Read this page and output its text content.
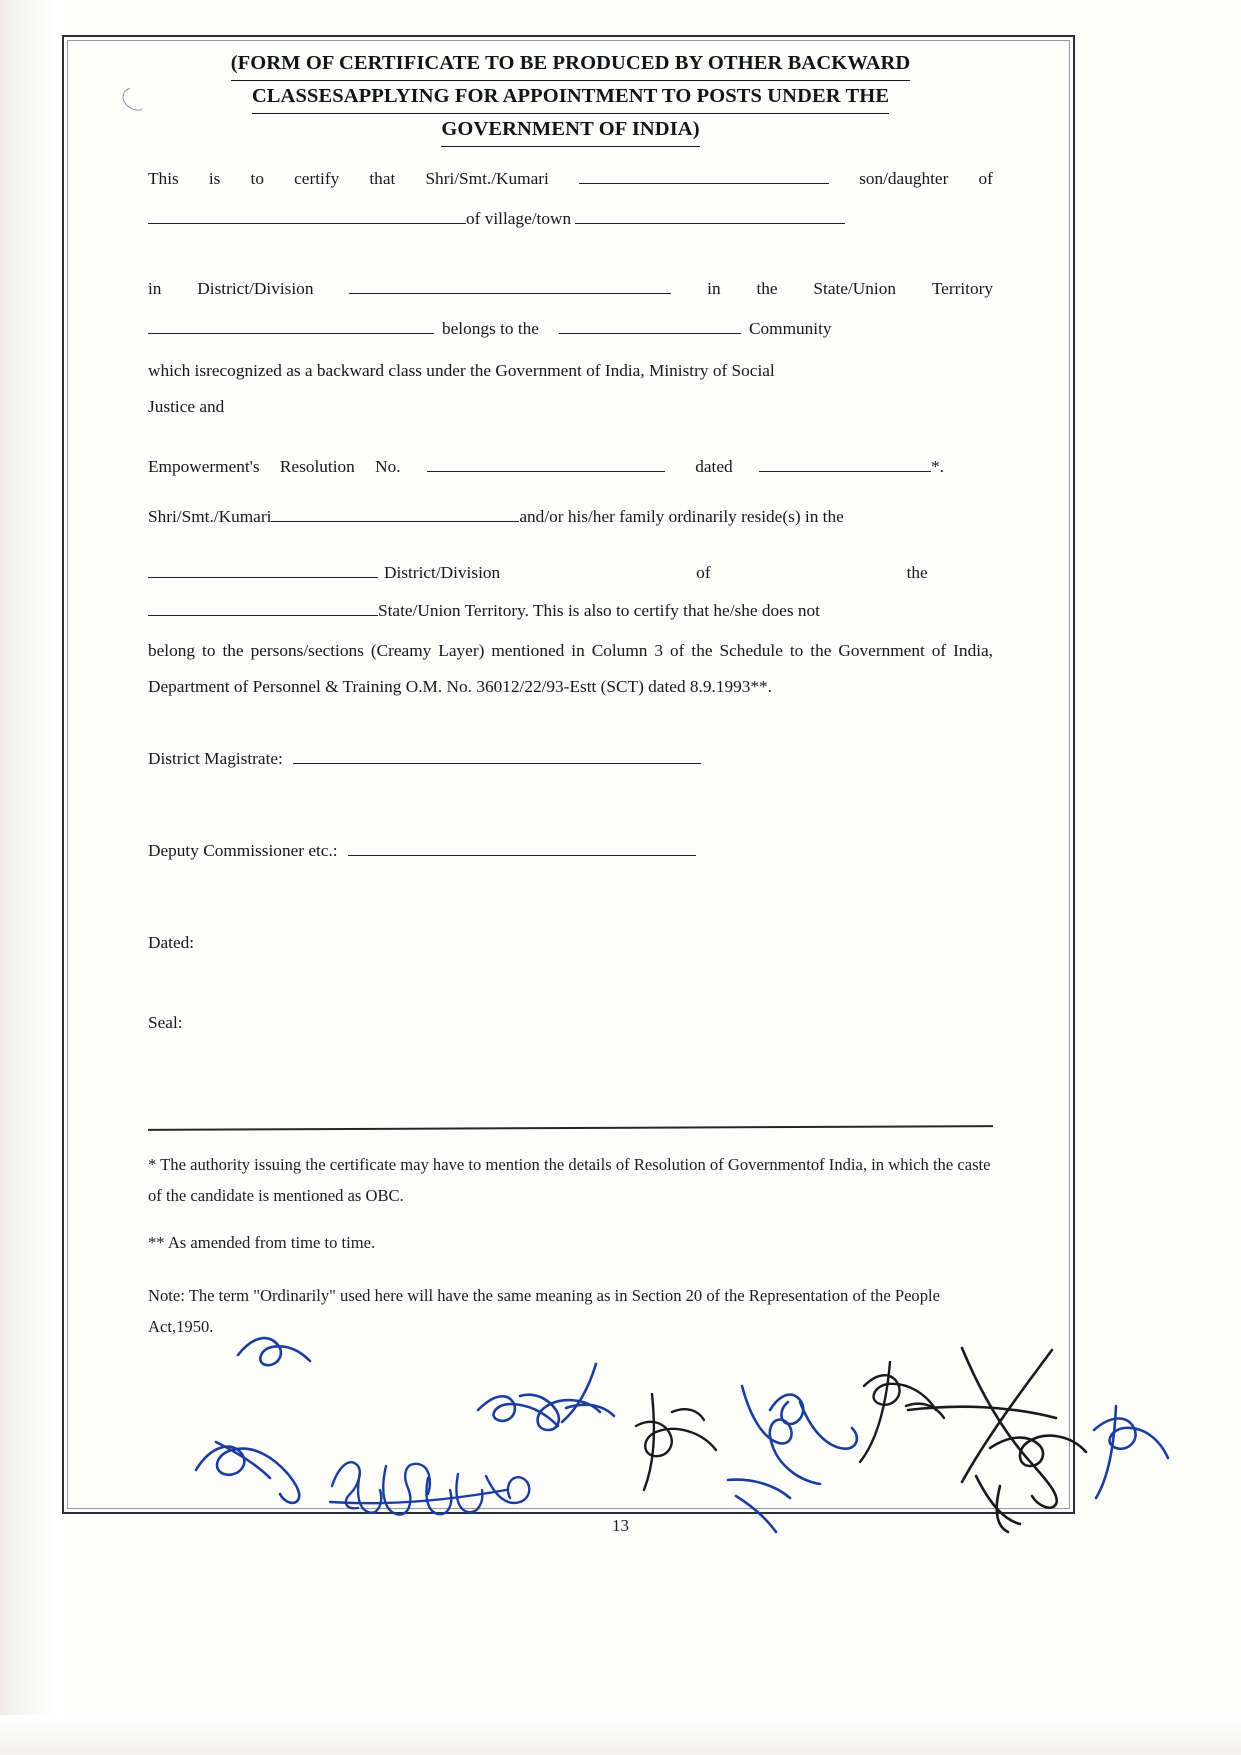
(FORM OF CERTIFICATE TO BE PRODUCED BY OTHER BACKWARD
CLASSESAPPLYING FOR APPOINTMENT TO POSTS UNDER THE
GOVERNMENT OF INDIA)
This is to certify that Shri/Smt./Kumari	son/daughter of
of village/town
in District/Division	in the State/Union Territory
belongs to the	Community
which isrecognized as a backward class under the Government of India, Ministry of Social
Justice and
Empowerment's Resolution No.	dated	*.
Shri/Smt./Kumari	and/or his/her family ordinarily reside(s) in the
District/Division	of	the
State/Union Territory. This is also to certify that he/she does not
belong to the persons/sections (Creamy Layer) mentioned in Column 3 of the Schedule to the Government of India, Department of Personnel & Training O.M. No. 36012/22/93-Estt (SCT) dated 8.9.1993**.
District Magistrate:
Deputy Commissioner etc.:
Dated:
Seal:
* The authority issuing the certificate may have to mention the details of Resolution of Governmentof India, in which the caste of the candidate is mentioned as OBC.
** As amended from time to time.
Note: The term "Ordinarily" used here will have the same meaning as in Section 20 of the Representation of the People Act,1950.
13
